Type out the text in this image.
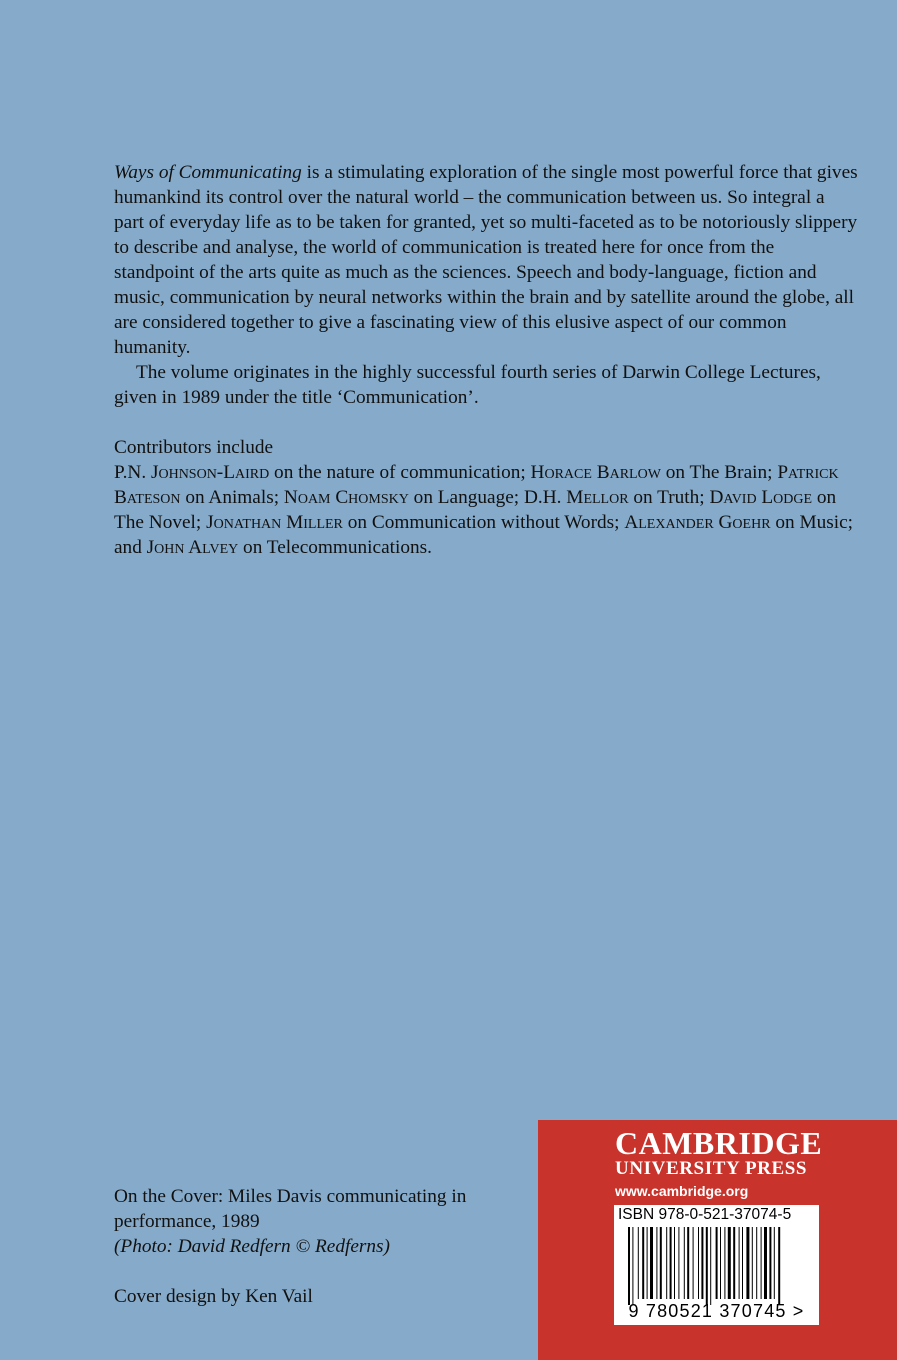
Ways of Communicating is a stimulating exploration of the single most powerful force that gives humankind its control over the natural world – the communication between us. So integral a part of everyday life as to be taken for granted, yet so multi-faceted as to be notoriously slippery to describe and analyse, the world of communication is treated here for once from the standpoint of the arts quite as much as the sciences. Speech and body-language, fiction and music, communication by neural networks within the brain and by satellite around the globe, all are considered together to give a fascinating view of this elusive aspect of our common humanity.

The volume originates in the highly successful fourth series of Darwin College Lectures, given in 1989 under the title ‘Communication’.

Contributors include

P.N. Johnson-Laird on the nature of communication; Horace Barlow on The Brain; Patrick Bateson on Animals; Noam Chomsky on Language; D.H. Mellor on Truth; David Lodge on The Novel; Jonathan Miller on Communication without Words; Alexander Goehr on Music; and John Alvey on Telecommunications.

On the Cover: Miles Davis communicating in performance, 1989

(Photo: David Redfern © Redferns)

Cover design by Ken Vail
CAMBRIDGE
UNIVERSITY PRESS
www.cambridge.org
ISBN 978-0-521-37074-5
9 780521 370745 >
